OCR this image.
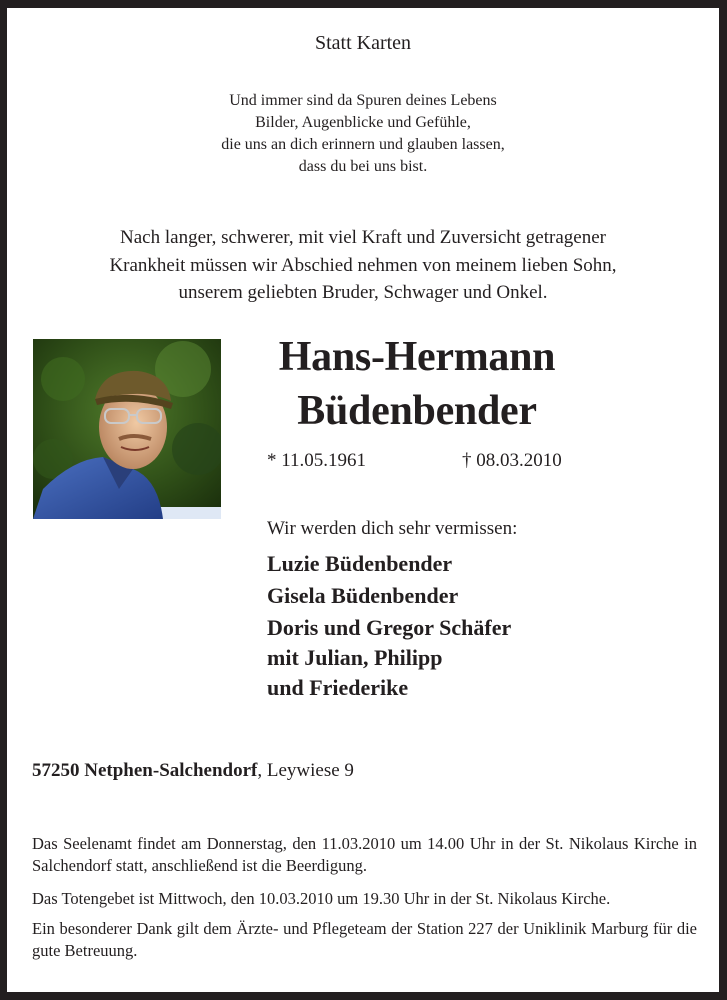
Statt Karten
Und immer sind da Spuren deines Lebens
Bilder, Augenblicke und Gefühle,
die uns an dich erinnern und glauben lassen,
dass du bei uns bist.
Nach langer, schwerer, mit viel Kraft und Zuversicht getragener
Krankheit müssen wir Abschied nehmen von meinem lieben Sohn,
unserem geliebten Bruder, Schwager und Onkel.
Hans-Hermann
Büdenbender
* 11.05.1961	† 08.03.2010
Wir werden dich sehr vermissen:
Luzie Büdenbender
Gisela Büdenbender
Doris und Gregor Schäfer
mit Julian, Philipp
und Friederike
57250 Netphen-Salchendorf, Leywiese 9
Das Seelenamt findet am Donnerstag, den 11.03.2010 um 14.00 Uhr in der St. Nikolaus Kirche in Salchendorf statt, anschließend ist die Beerdigung.
Das Totengebet ist Mittwoch, den 10.03.2010 um 19.30 Uhr in der St. Nikolaus Kirche.
Ein besonderer Dank gilt dem Ärzte- und Pflegeteam der Station 227 der Uniklinik Marburg für die gute Betreuung.
